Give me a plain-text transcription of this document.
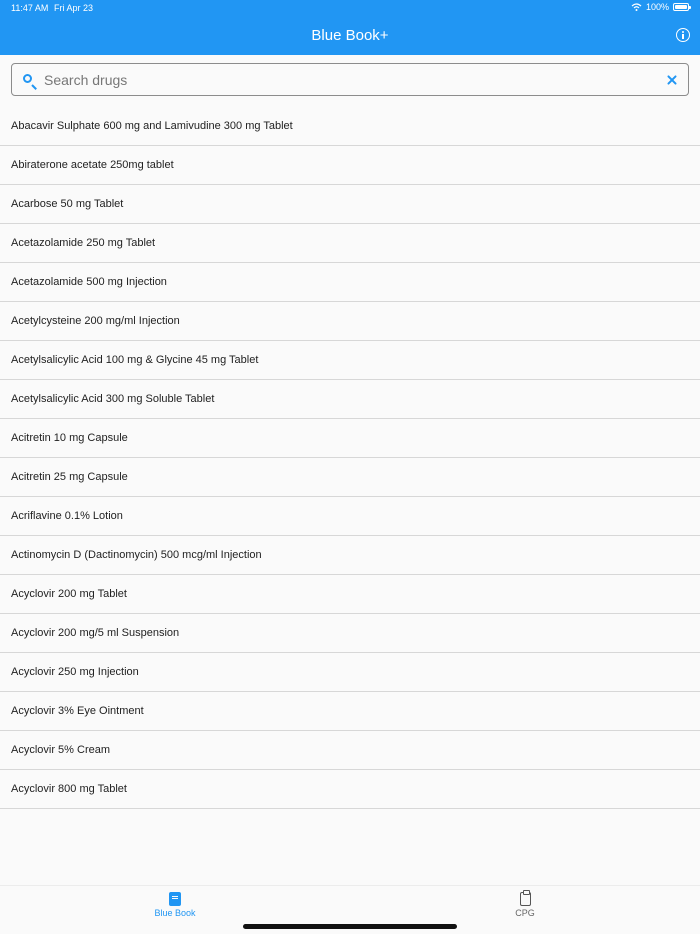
11:47 AM Fri Apr 23	100%
Blue Book+
Search drugs
Abacavir Sulphate 600 mg and Lamivudine 300 mg Tablet
Abiraterone acetate 250mg tablet
Acarbose 50 mg Tablet
Acetazolamide 250 mg Tablet
Acetazolamide 500 mg Injection
Acetylcysteine 200 mg/ml Injection
Acetylsalicylic Acid 100 mg & Glycine 45 mg Tablet
Acetylsalicylic Acid 300 mg Soluble Tablet
Acitretin 10 mg Capsule
Acitretin 25 mg Capsule
Acriflavine 0.1% Lotion
Actinomycin D (Dactinomycin) 500 mcg/ml Injection
Acyclovir 200 mg Tablet
Acyclovir 200 mg/5 ml Suspension
Acyclovir 250 mg Injection
Acyclovir 3% Eye Ointment
Acyclovir 5% Cream
Acyclovir 800 mg Tablet
Blue Book	CPG
